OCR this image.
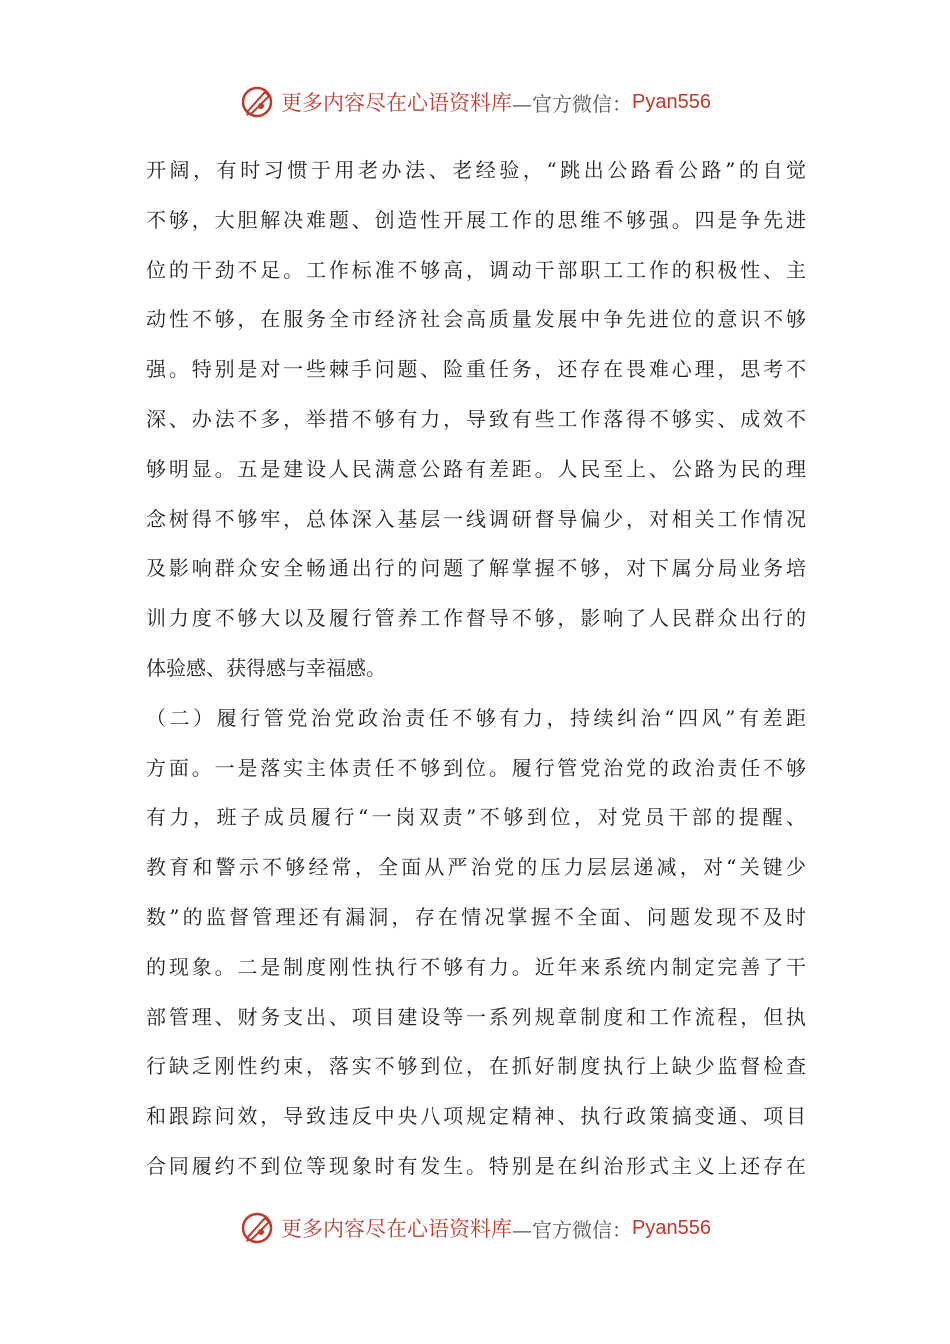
更多内容尽在心语资料库 —官方微信： Pyan556
开阔，有时习惯于用老办法、老经验，“跳出公路看公路”的自觉
不够，大胆解决难题、创造性开展工作的思维不够强。四是争先进
位的干劲不足。工作标准不够高，调动干部职工工作的积极性、主
动性不够，在服务全市经济社会高质量发展中争先进位的意识不够
强。特别是对一些棘手问题、险重任务，还存在畏难心理，思考不
深、办法不多，举措不够有力，导致有些工作落得不够实、成效不
够明显。五是建设人民满意公路有差距。人民至上、公路为民的理
念树得不够牢，总体深入基层一线调研督导偏少，对相关工作情况
及影响群众安全畅通出行的问题了解掌握不够，对下属分局业务培
训力度不够大以及履行管养工作督导不够，影响了人民群众出行的
体验感、获得感与幸福感。
（二）履行管党治党政治责任不够有力，持续纠治“四风”有差距
方面。一是落实主体责任不够到位。履行管党治党的政治责任不够
有力，班子成员履行“一岗双责”不够到位，对党员干部的提醒、
教育和警示不够经常，全面从严治党的压力层层递减，对“关键少
数”的监督管理还有漏洞，存在情况掌握不全面、问题发现不及时
的现象。二是制度刚性执行不够有力。近年来系统内制定完善了干
部管理、财务支出、项目建设等一系列规章制度和工作流程，但执
行缺乏刚性约束，落实不够到位，在抓好制度执行上缺少监督检查
和跟踪问效，导致违反中央八项规定精神、执行政策搞变通、项目
合同履约不到位等现象时有发生。特别是在纠治形式主义上还存在
更多内容尽在心语资料库 —官方微信： Pyan556
